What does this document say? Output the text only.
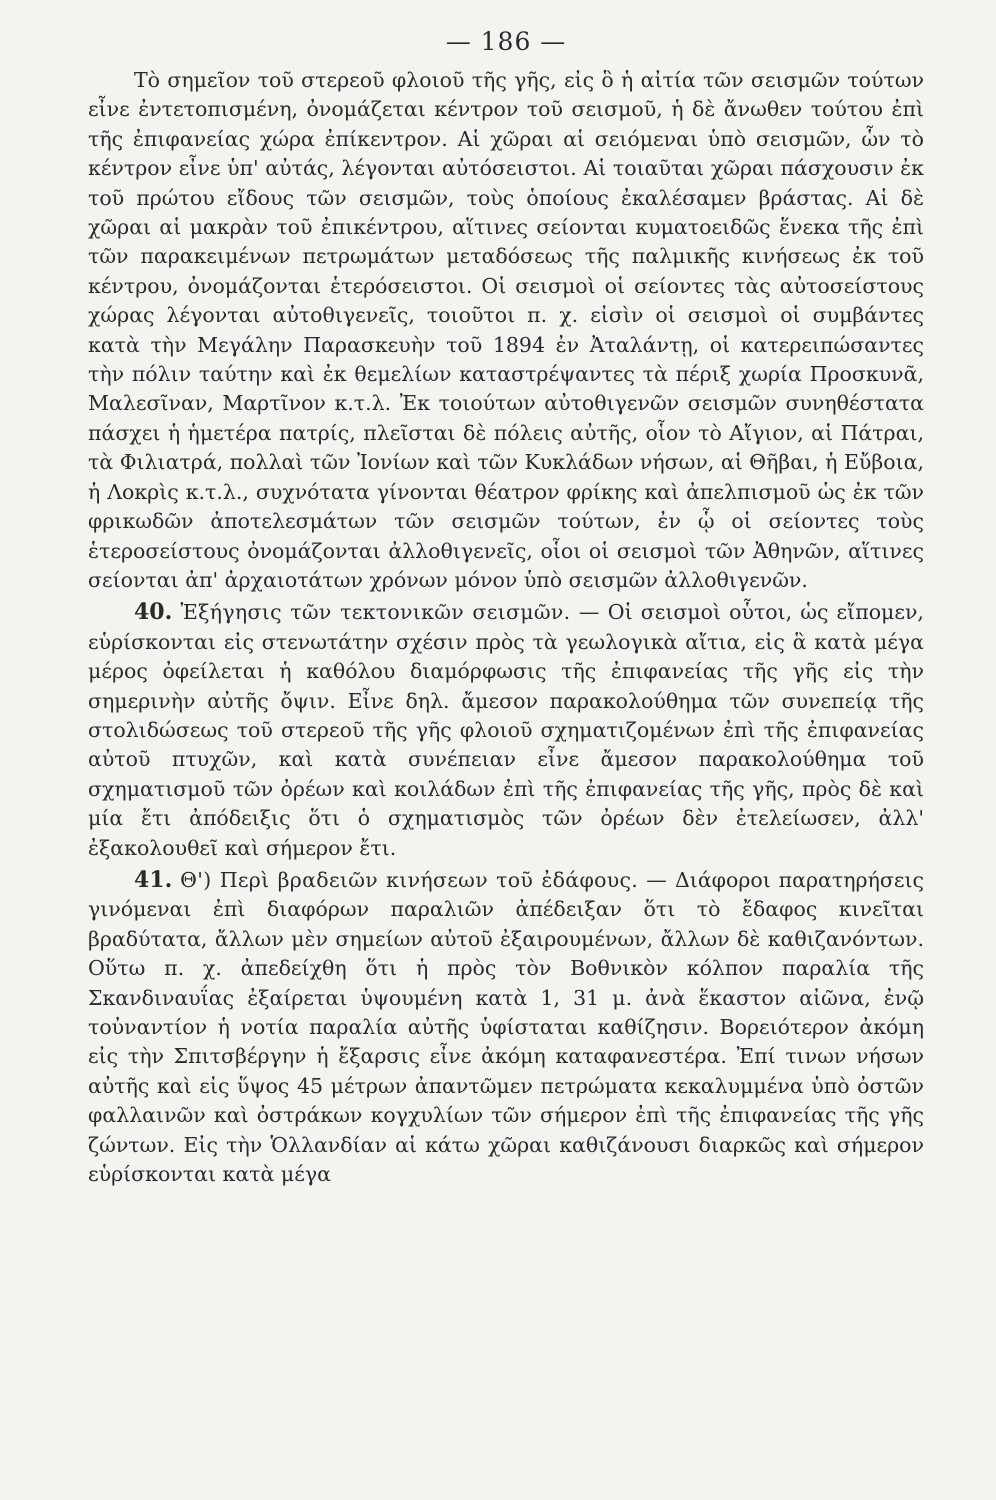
— 186 —

Τὸ σημεῖον τοῦ στερεοῦ φλοιοῦ τῆς γῆς, εἰς ὃ ἡ αἰτία τῶν σεισμῶν τούτων εἶνε ἐντετοπισμένη, ὀνομάζεται κέντρον τοῦ σεισμοῦ, ἡ δὲ ἄνωθεν τούτου ἐπὶ τῆς ἐπιφανείας χώρα ἐπίκεντρον. Αἱ χῶραι αἱ σειόμεναι ὑπὸ σεισμῶν, ὧν τὸ κέντρον εἶνε ὑπ' αὐτάς, λέγονται αὐτόσειστοι. Αἱ τοιαῦται χῶραι πάσχουσιν ἐκ τοῦ πρώτου εἴδους τῶν σεισμῶν, τοὺς ὁποίους ἐκαλέσαμεν βράστας. Αἱ δὲ χῶραι αἱ μακρὰν τοῦ ἐπικέντρου, αἵτινες σείονται κυματοειδῶς ἕνεκα τῆς ἐπὶ τῶν παρακειμένων πετρωμάτων μεταδόσεως τῆς παλμικῆς κινήσεως ἐκ τοῦ κέντρου, ὀνομάζονται ἑτερόσειστοι. Οἱ σεισμοὶ οἱ σείοντες τὰς αὐτοσείστους χώρας λέγονται αὐτοθιγενεῖς, τοιοῦτοι π. χ. εἰσὶν οἱ σεισμοὶ οἱ συμβάντες κατὰ τὴν Μεγάλην Παρασκευὴν τοῦ 1894 ἐν Ἀταλάντῃ, οἱ κατερειπώσαντες τὴν πόλιν ταύτην καὶ ἐκ θεμελίων καταστρέψαντες τὰ πέριξ χωρία Προσκυνᾶ, Μαλεσῖναν, Μαρτῖνον κ.τ.λ. Ἐκ τοιούτων αὐτοθιγενῶν σεισμῶν συνηθέστατα πάσχει ἡ ἡμετέρα πατρίς, πλεῖσται δὲ πόλεις αὐτῆς, οἷον τὸ Αἴγιον, αἱ Πάτραι, τὰ Φιλιατρά, πολλαὶ τῶν Ἰονίων καὶ τῶν Κυκλάδων νήσων, αἱ Θῆβαι, ἡ Εὔβοια, ἡ Λοκρὶς κ.τ.λ., συχνότατα γίνονται θέατρον φρίκης καὶ ἀπελπισμοῦ ὡς ἐκ τῶν φρικωδῶν ἀποτελεσμάτων τῶν σεισμῶν τούτων, ἐν ᾧ οἱ σείοντες τοὺς ἑτεροσείστους ὀνομάζονται ἀλλοθιγενεῖς, οἷοι οἱ σεισμοὶ τῶν Ἀθηνῶν, αἵτινες σείονται ἀπ' ἀρχαιοτάτων χρόνων μόνον ὑπὸ σεισμῶν ἀλλοθιγενῶν.

40. Ἐξήγησις τῶν τεκτονικῶν σεισμῶν. — Οἱ σεισμοὶ οὗτοι, ὡς εἴπομεν, εὑρίσκονται εἰς στενωτάτην σχέσιν πρὸς τὰ γεωλογικὰ αἴτια, εἰς ἃ κατὰ μέγα μέρος ὀφείλεται ἡ καθόλου διαμόρφωσις τῆς ἐπιφανείας τῆς γῆς εἰς τὴν σημερινὴν αὐτῆς ὄψιν. Εἶνε δηλ. ἄμεσον παρακολούθημα τῶν συνεπείᾳ τῆς στολιδώσεως τοῦ στερεοῦ τῆς γῆς φλοιοῦ σχηματιζομένων ἐπὶ τῆς ἐπιφανείας αὐτοῦ πτυχῶν, καὶ κατὰ συνέπειαν εἶνε ἄμεσον παρακολούθημα τοῦ σχηματισμοῦ τῶν ὀρέων καὶ κοιλάδων ἐπὶ τῆς ἐπιφανείας τῆς γῆς, πρὸς δὲ καὶ μία ἔτι ἀπόδειξις ὅτι ὁ σχηματισμὸς τῶν ὀρέων δὲν ἐτελείωσεν, ἀλλ' ἐξακολουθεῖ καὶ σήμερον ἔτι.

41. Θ') Περὶ βραδειῶν κινήσεων τοῦ ἐδάφους. — Διάφοροι παρατηρήσεις γινόμεναι ἐπὶ διαφόρων παραλιῶν ἀπέδειξαν ὅτι τὸ ἔδαφος κινεῖται βραδύτατα, ἄλλων μὲν σημείων αὐτοῦ ἐξαιρουμένων, ἄλλων δὲ καθιζανόντων. Οὕτω π. χ. ἀπεδείχθη ὅτι ἡ πρὸς τὸν Βοθνικὸν κόλπον παραλία τῆς Σκανδιναυΐας ἐξαίρεται ὑψουμένη κατὰ 1, 31 μ. ἀνὰ ἕκαστον αἰῶνα, ἐνῷ τοὐναντίον ἡ νοτία παραλία αὐτῆς ὑφίσταται καθίζησιν. Βορειότερον ἀκόμη εἰς τὴν Σπιτσβέργην ἡ ἔξαρσις εἶνε ἀκόμη καταφανεστέρα. Ἐπί τινων νήσων αὐτῆς καὶ εἰς ὕψος 45 μέτρων ἀπαντῶμεν πετρώματα κεκαλυμμένα ὑπὸ ὀστῶν φαλλαινῶν καὶ ὀστράκων κογχυλίων τῶν σήμερον ἐπὶ τῆς ἐπιφανείας τῆς γῆς ζώντων. Εἰς τὴν Ὁλλανδίαν αἱ κάτω χῶραι καθιζάνουσι διαρκῶς καὶ σήμερον εὑρίσκονται κατὰ μέγα
